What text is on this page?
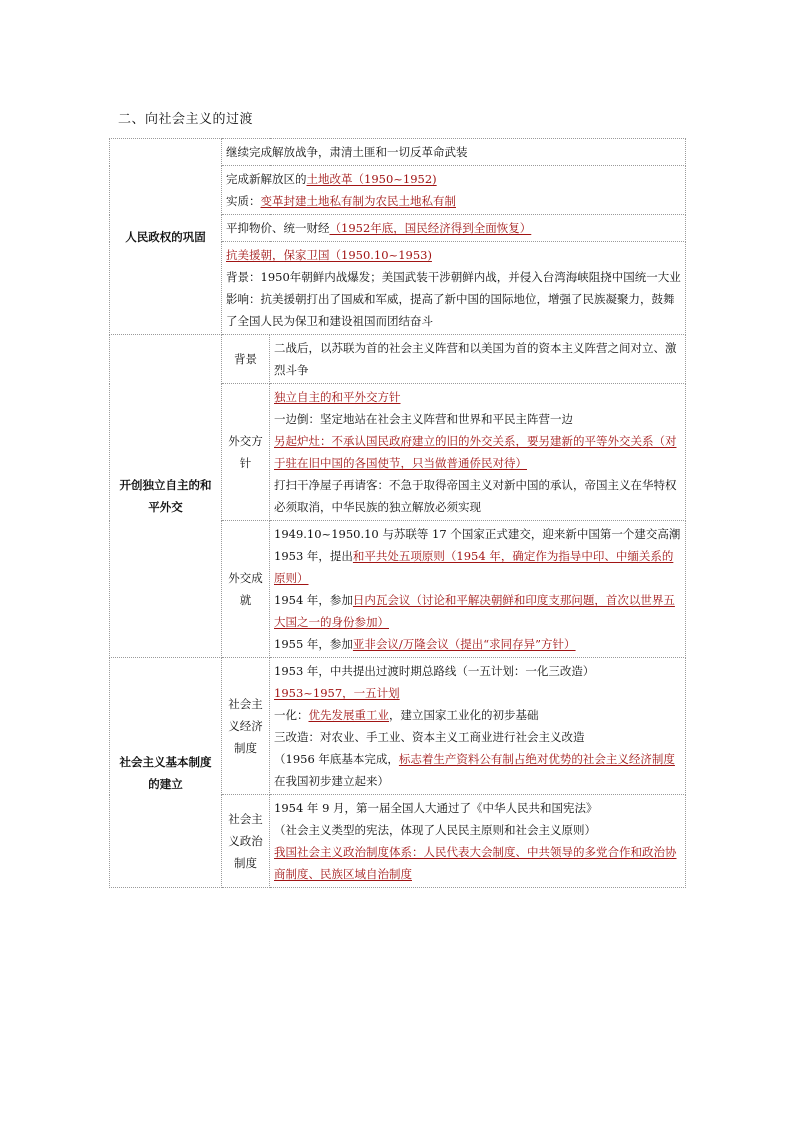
二、向社会主义的过渡
人民政权的巩固	继续完成解放战争，肃清土匪和一切反革命武装	

	完成新解放区的土地改革（1950~1952)
实质：变革封建土地私有制为农民土地私有制	

	平抑物价、统一财经（1952年底，国民经济得到全面恢复）	

	抗美援朝，保家卫国（1950.10~1953)
背景：1950年朝鲜内战爆发；美国武装干涉朝鲜内战，并侵入台湾海峡阻挠中国统一大业
影响：抗美援朝打出了国威和军威，提高了新中国的国际地位，增强了民族凝聚力，鼓舞了全国人民为保卫和建设祖国而团结奋斗	

开创独立自主的和平外交	背景	二战后，以苏联为首的社会主义阵营和以美国为首的资本主义阵营之间对立、激烈斗争

	外交方针	独立自主的和平外交方针
一边倒：坚定地站在社会主义阵营和世界和平民主阵营一边
另起炉灶：不承认国民政府建立的旧的外交关系，要另建新的平等外交关系（对于驻在旧中国的各国使节，只当做普通侨民对待）
打扫干净屋子再请客：不急于取得帝国主义对新中国的承认，帝国主义在华特权必须取消，中华民族的独立解放必须实现

	外交成就	1949.10~1950.10 与苏联等 17 个国家正式建交，迎来新中国第一个建交高潮
1953 年，提出和平共处五项原则（1954 年，确定作为指导中印、中缅关系的原则）
1954 年，参加日内瓦会议（讨论和平解决朝鲜和印度支那问题，首次以世界五大国之一的身份参加）
1955 年，参加亚非会议/万隆会议（提出“求同存异”方针）

社会主义基本制度的建立	社会主义经济制度	1953 年，中共提出过渡时期总路线（一五计划：一化三改造）
1953~1957，一五计划
一化：优先发展重工业，建立国家工业化的初步基础
三改造：对农业、手工业、资本主义工商业进行社会主义改造
（1956 年底基本完成，标志着生产资料公有制占绝对优势的社会主义经济制度在我国初步建立起来）

	社会主义政治制度	1954 年 9 月，第一届全国人大通过了《中华人民共和国宪法》
（社会主义类型的宪法，体现了人民民主原则和社会主义原则）
我国社会主义政治制度体系：人民代表大会制度、中共领导的多党合作和政治协商制度、民族区域自治制度
